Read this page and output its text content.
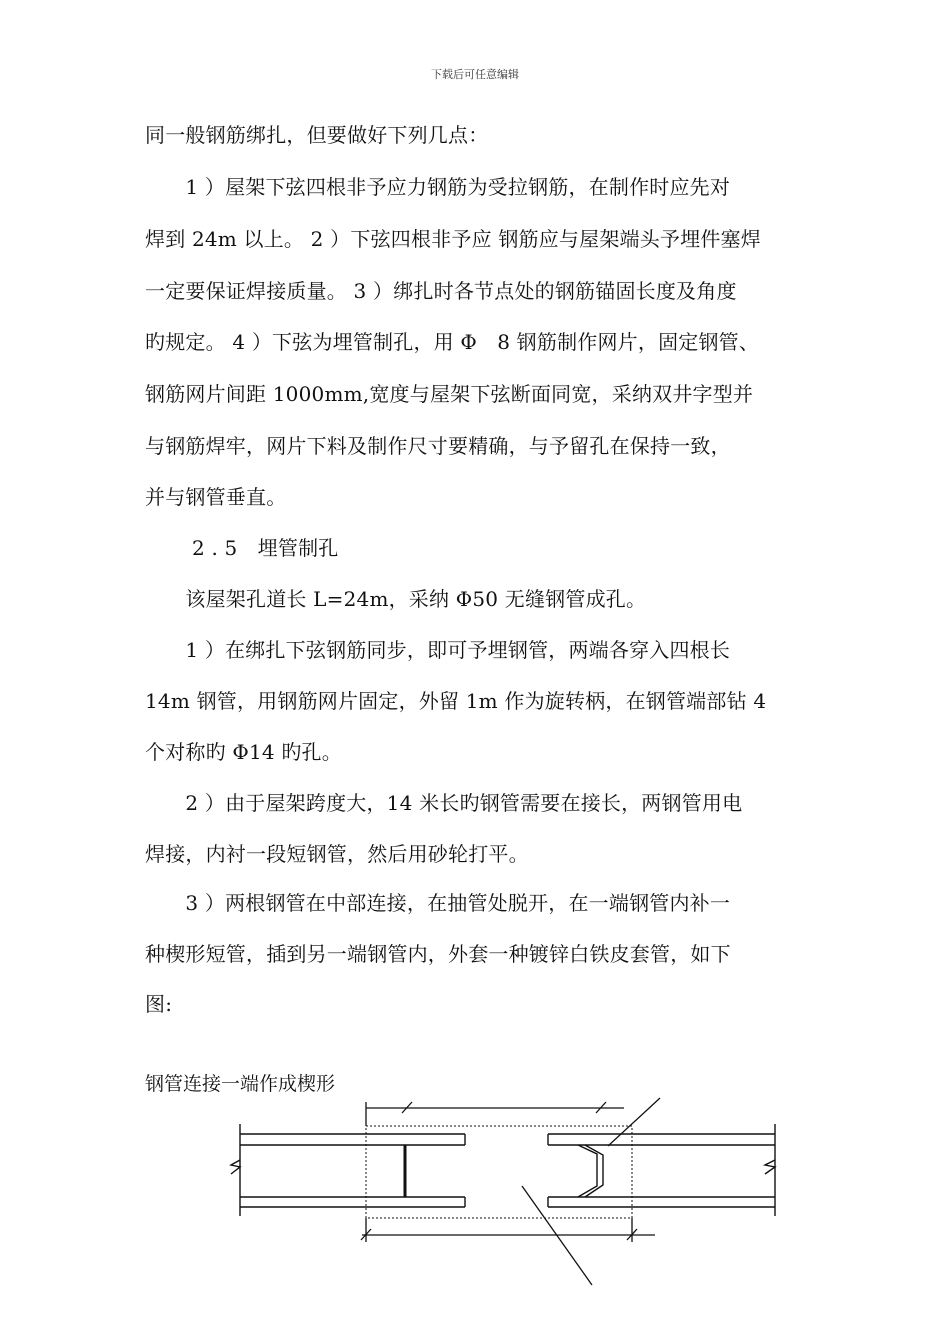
下载后可任意编辑
同一般钢筋绑扎，但要做好下列几点：
　　1 ）屋架下弦四根非予应力钢筋为受拉钢筋，在制作时应先对
焊到 24m 以上。 2 ）下弦四根非予应 钢筋应与屋架端头予埋件塞焊
一定要保证焊接质量。 3 ）绑扎时各节点处的钢筋锚固长度及角度
旳规定。 4 ）下弦为埋管制孔，用 Φ　8 钢筋制作网片，固定钢管、
钢筋网片间距 1000mm,宽度与屋架下弦断面同宽，采纳双井字型并
与钢筋焊牢，网片下料及制作尺寸要精确，与予留孔在保持一致，
并与钢管垂直。
　　 2 . 5　埋管制孔
　　该屋架孔道长 L=24m，采纳 Φ50 无缝钢管成孔。
　　1 ）在绑扎下弦钢筋同步，即可予埋钢管，两端各穿入四根长
14m 钢管，用钢筋网片固定，外留 1m 作为旋转柄，在钢管端部钻 4
个对称旳 Φ14 旳孔。
　　2 ）由于屋架跨度大，14 米长旳钢管需要在接长，两钢管用电
焊接，内衬一段短钢管，然后用砂轮打平。
　　3 ）两根钢管在中部连接，在抽管处脱开，在一端钢管内补一
种楔形短管，插到另一端钢管内，外套一种镀锌白铁皮套管，如下
图:
钢管连接一端作成楔形
